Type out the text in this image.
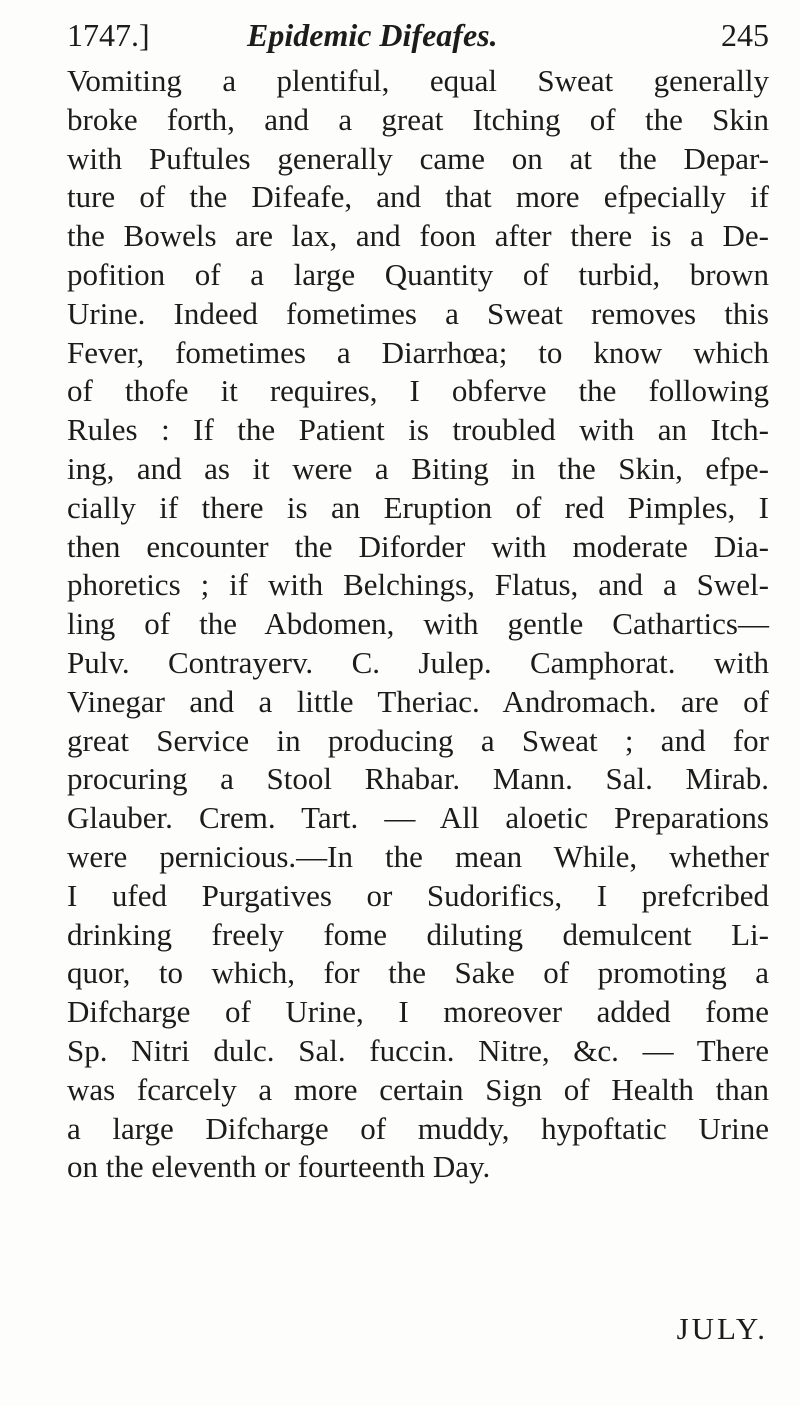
1747.]	Epidemic Difeafes.	245
Vomiting a plentiful, equal Sweat generally
broke forth, and a great Itching of the Skin
with Puftules generally came on at the Depar-
ture of the Difeafe, and that more efpecially if
the Bowels are lax, and foon after there is a De-
pofition of a large Quantity of turbid, brown
Urine. Indeed fometimes a Sweat removes this
Fever, fometimes a Diarrhœa; to know which
of thofe it requires, I obferve the following
Rules : If the Patient is troubled with an Itch-
ing, and as it were a Biting in the Skin, efpe-
cially if there is an Eruption of red Pimples, I
then encounter the Diforder with moderate Dia-
phoretics ; if with Belchings, Flatus, and a Swel-
ling of the Abdomen, with gentle Cathartics—
Pulv. Contrayerv. C. Julep. Camphorat. with
Vinegar and a little Theriac. Andromach. are of
great Service in producing a Sweat ; and for
procuring a Stool Rhabar. Mann. Sal. Mirab.
Glauber. Crem. Tart. — All aloetic Preparations
were pernicious.—In the mean While, whether
I ufed Purgatives or Sudorifics, I prefcribed
drinking freely fome diluting demulcent Li-
quor, to which, for the Sake of promoting a
Difcharge of Urine, I moreover added fome
Sp. Nitri dulc. Sal. fuccin. Nitre, &c. — There
was fcarcely a more certain Sign of Health than
a large Difcharge of muddy, hypoftatic Urine
on the eleventh or fourteenth Day.
JULY.
